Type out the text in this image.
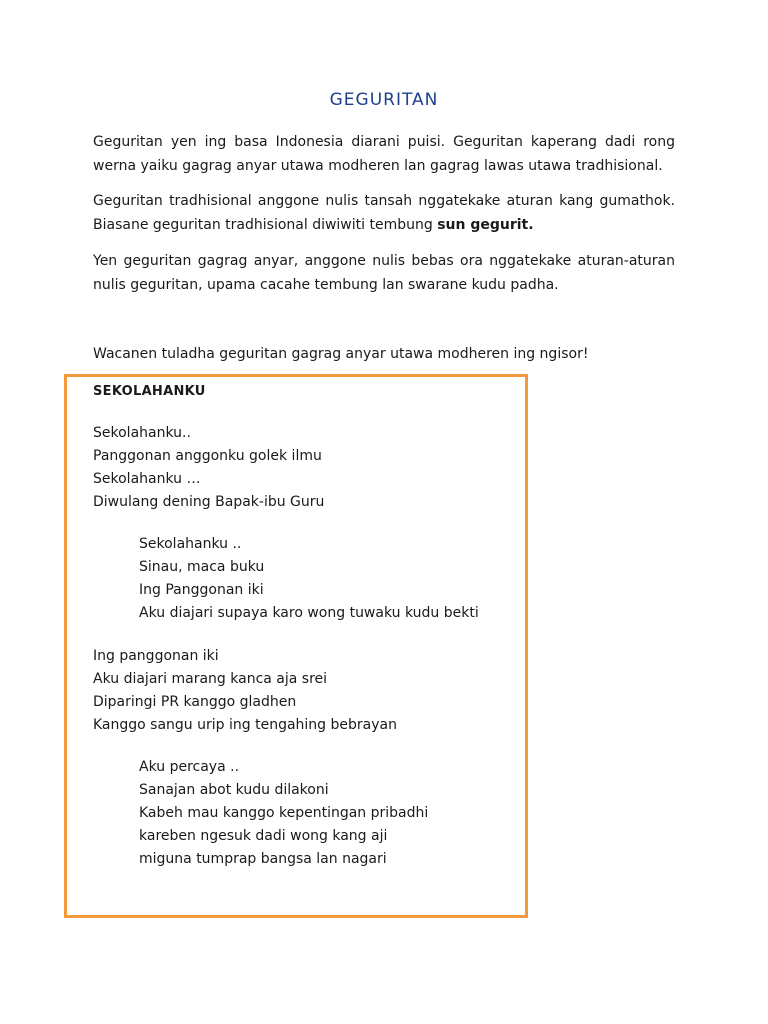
GEGURITAN

Geguritan yen ing basa Indonesia diarani puisi. Geguritan kaperang dadi rong werna yaiku gagrag anyar utawa modheren lan gagrag lawas utawa tradhisional.

Geguritan tradhisional anggone nulis tansah nggatekake aturan kang gumathok. Biasane geguritan tradhisional diwiwiti tembung sun gegurit.

Yen geguritan gagrag anyar, anggone nulis bebas ora nggatekake aturan-aturan nulis geguritan, upama cacahe tembung lan swarane kudu padha.

Wacanen tuladha geguritan gagrag anyar utawa modheren ing ngisor!

SEKOLAHANKU

Sekolahanku..
Panggonan anggonku golek ilmu
Sekolahanku …
Diwulang dening Bapak-ibu Guru
Sekolahanku ..
Sinau, maca buku
Ing Panggonan iki
Aku diajari supaya karo wong tuwaku kudu bekti
Ing panggonan iki
Aku diajari marang kanca aja srei
Diparingi PR kanggo gladhen
Kanggo sangu urip ing tengahing bebrayan
Aku percaya ..
Sanajan abot kudu dilakoni
Kabeh mau kanggo kepentingan pribadhi
kareben ngesuk dadi wong kang aji
miguna tumprap bangsa lan nagari
